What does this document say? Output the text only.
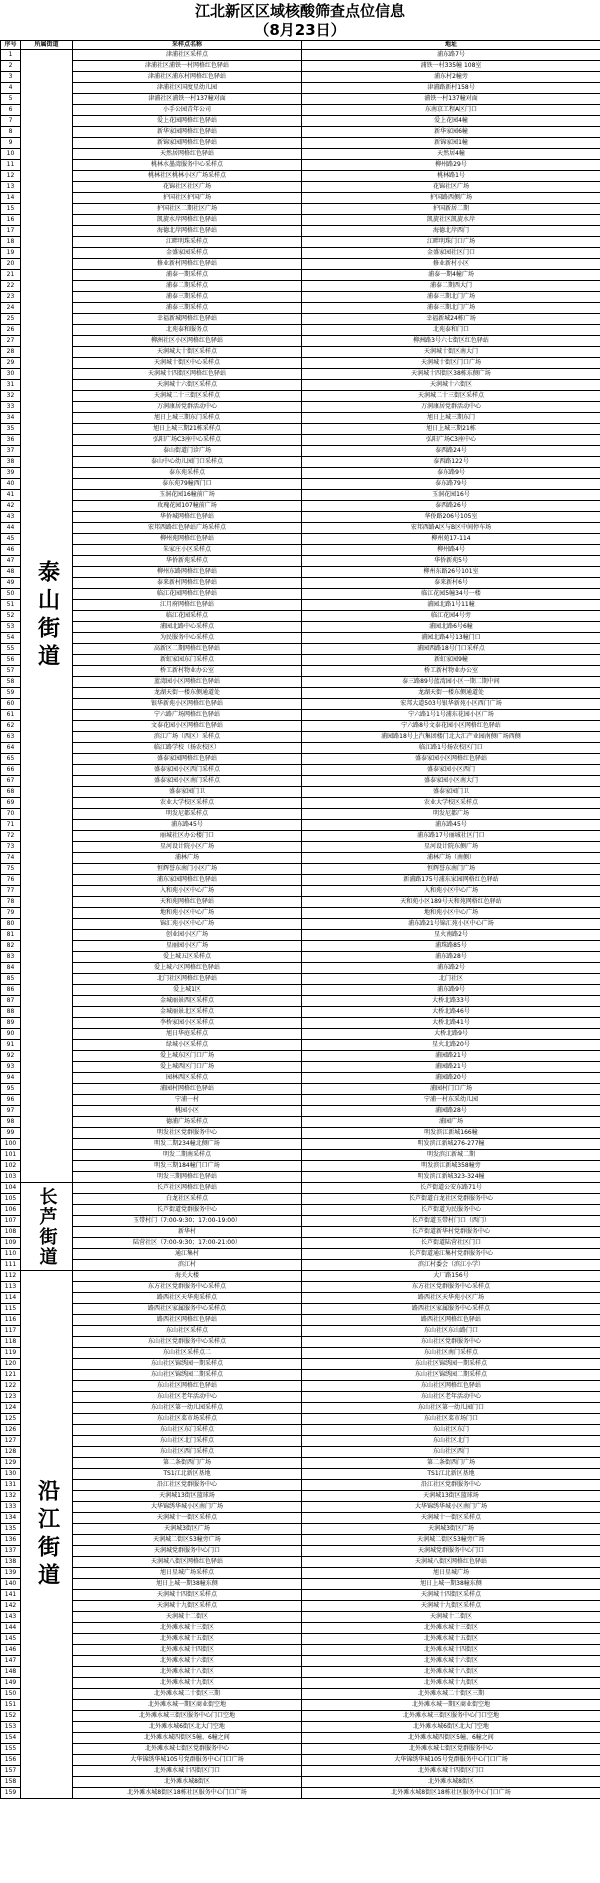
江北新区区域核酸筛查点位信息
（8月23日）
序号	所属街道	采样点名称	地址
1	泰山街道	津浦社区采样点	浦东路7号
2		津浦社区浦铁一村网格红色驿站	浦铁一村335幢 108室
3		津浦社区浦东村网格红色驿站	浦东村2幢旁
4		津浦社区国度星幼儿园	津浦路新村158号
5		津浦社区浦铁一村137幢对面	浦铁一村137幢对面
6		小手公园青年公司	东南京工程A区门口
7		爱上花园网格红色驿站	爱上花园4幢
8		新华家园网格红色驿站	新华家园6幢
9		新锦家园网格红色驿站	新锦家园1幢
10		天然居网格红色驿站	天然居4幢
11		桃林水墨湾服务中心采样点	柳州路29号
12		桃林社区桃林小区广场采样点	桃林路1号
13		花锦社区社区广场	花锦社区广场
14		护国社区护国广场	护国路西侧广场
15		护国社区二期社区广场	护国新居二期
16		凯旋水岸网格红色驿站	凯旋社区凯旋水岸
17		海德北岸网格红色驿站	海德北岸西门
18		江畔明珠采样点	江畔明珠门口广场
19		金盛家园采样点	金盛家园社区门口
20		修业新村网格红色驿站	修业新村小区
21		浦泰一期采样点	浦泰一期4幢广场
22		浦泰二期采样点	浦泰二期西大门
23		浦泰三期采样点	浦泰三期北门广场
24		浦泰三期采样点	浦泰三期北门广场
25		幸福新城网格红色驿站	幸福新城24栋广场
26		北苑泰和服务点	北苑泰和门口
27		柳洲社区小区网格红色驿站	柳洲路3号六七街区红色驿站
28		天润城大十街区采样点	天润城十街区南大门
29		天润城十街区中心采样点	天润城十街区门口广场
30		天润城十四街区网格红色驿站	天润城十四街区38栋东侧广场
31		天润城十六街区采样点	天润城十六街区
32		天润城二十三街区采样点	天润城二十三街区采样点
33		万润康居党群活动中心	万润康居党群活动中心
34		旭日上城三期东门采样点	旭日上城三期东门
35		旭日上城三期21栋采样点	旭日上城三期21栋
36		弘阳广场C3座中心采样点	弘阳广场C3座中心
37		泰山街道门诊广场	泰西路24号
38		泰山中心幼儿园门口采样点	泰西路122号
39		泰东苑采样点	泰东路9号
40		泰东苑79幢西门口	泰东路79号
41		玉洞花园16幢前广场	玉洞花园16号
42		玫瑰花园107幢前广场	泰西路26号
43		华侨城网格红色驿站	华侨路206号105室
44		宏邦西路红色驿站广场采样点	宏邦西路A区与B区中间停车场
45		柳州苑网格红色驿站	柳州苑17-114
46		朱家庄小区采样点	柳州路4号
47		华侨新苑采样点	华侨新苑5号
48		柳州东路网格红色驿站	柳州东路26号101室
49		泰来新村网格红色驿站	泰来新村6号
50		临江花园网格红色驿站	临江花园5幢34号一楼
51		江月府网格红色驿站	浦园北路1号11幢
52		临江花园采样点	临江花园4号旁
53		浦园北路中心采样点	浦园北路6号6幢
54		为民服务中心采样点	浦园北路4号13幢门口
55		高新区二期网格红色驿站	浦园西路18号门口采样点
56		新虹家园东门采样点	新虹家园9幢
57		桥工新村物业办公室	桥工新村物业办公室
58		蓝湾园小区网格红色驿站	泰三路89号蓝湾园小区一期二期中间
59		龙湖天街一楼东侧通道处	龙湖天街一楼东侧通道处
60		银华新苑小区网格红色驿站	宏邦大道503号银华新苑小区西门广场
61		宁六路广场网格红色驿站	宁六路1号1号浦东花园小区广场
62		文泰花园小区网格红色驿站	宁六路8号文泰花园小区网格红色驿站
63		滨江广场（西区）采样点	浦园路18号上汽集团楼门北大汇产业园南侧广场西侧
64		临江路学校（扬农校区）	临江路1号扬农校区门口
65		盛泰家园网格红色驿站	盛泰家园小区网格红色驿站
66		盛泰家园小区西门采样点	盛泰家园小区西门
67		盛泰家园小区南门采样点	盛泰家园小区南大门
68		盛泰家园门卫	盛泰家园门卫
69		农业大学校区采样点	农业大学校区采样点
70		明发尼都采样点	明发尼都广场
71		浦东路45号	浦东路45号
72		丽城社区办公楼门口	浦东路17号丽城社区门口
73		星河设计院小区广场	星河设计院东侧广场
74		浦林广场	浦林广场（南侧）
75		恒辉誉东南门小区广场	恒辉誉东南门广场
76		浦东家园网格红色驿站	新浦路175号浦东家园网格红色驿站
77		入和苑小区中心广场	入和苑小区中心广场
78		天和苑网格红色驿站	天和苑小区189号天和苑网格红色驿站
79		地和苑小区中心广场	地和苑小区中心广场
80		锦汇苑小区中心广场	浦东路21号锦汇苑小区中心广场
81		创业园小区广场	星火南路2号
82		星丽园小区广场	浦珠路85号
83		爱上城五区采样点	浦东路28号
84		爱上城六区网格红色驿站	浦东路2号
85		北门社区网格红色驿站	北门社区
86		爱上城1区	浦东路9号
87		金城丽景西区采样点	大桥北路33号
88		金城丽景北区采样点	大桥北路46号
89		李桥家园小区采样点	大桥北路41号
90		旭日华庭采样点	大桥北路9号
91		绿城小区采样点	星火北路20号
92		爱上城东区门口广场	浦园路21号
93		爱上城西区门口广场	浦园路21号
94		园林西区采样点	浦园路20号
95		浦园村网格红色驿站	浦园村门口广场
96		宁浦一村	宁浦一村东采幼儿园
97		桃园小区	浦园路28号
98		德浦广场采样点	浦园广场
99		明发社区党群服务中心	明发滨江新城166幢
100		明发二期234幢北侧广场	明发滨江新城276-277幢
101		明发二期南采样点	明发滨江新城二期
102		明发三期184幢门口广场	明发滨江新城358幢旁
103		明发三期网格红色驿站	明发滨江新城323-324幢
104	长芦街道	长芦社区网格红色驿站	长芦街道公安东路71号
105		白龙社区采样点	长芦街道白龙社区党群服务中心
106		长芦街道党群服务中心	长芦街道为民服务中心
107		玉带村门（7:00-9:30；17:00-19:00）	长芦街道玉带村门口（西门）
108		新华村	长芦街道新华村党群服务中心
109		陆营社区（7:00-9:30；17:00-21:00）	长芦街道陆营社区门口
110		通江集村	长芦街道通江集村党群服务中心
111		滨江村	滨江村委会（滨江小学）
112	沿江街道	海关大楼	大厂路156号
113		东方社区党群服务中心采样点	东方社区党群服务中心采样点
114		路西社区天华苑采样点	路西社区天华苑小区广场
115		路西社区家属服务中心采样点	路西社区家属服务中心采样点
116		路西社区网格红色驿站	路西社区网格红色驿站
117		东山社区采样点	东山社区东山路门口
118		东山社区党群服务中心采样点	东山社区党群服务中心
119		东山社区采样点二	东山社区南门采样点
120		东山社区锦绣园一期采样点	东山社区锦绣园一期采样点
121		东山社区锦绣园二期采样点	东山社区锦绣园二期采样点
122		东山社区网格红色驿站	东山社区网格红色驿站
123		东山社区老年活动中心	东山社区老年活动中心
124		东山社区第一幼儿园采样点	东山社区第一幼儿园门口
125		东山社区菜市场采样点	东山社区菜市场门口
126		东山社区东门采样点	东山社区东门
127		东山社区北门采样点	东山社区北门
128		东山社区西门采样点	东山社区西门
129		第二条街西门广场	第二条街西门广场
130		TS1江北新区基地	TS1江北新区基地
131		沿江社区党群服务中心	沿江社区党群服务中心
132		天润城13街区篮球场	天润城13街区篮球场
133		大华锦绣华城小区南门广场	大华锦绣华城小区南门广场
134		天润城十一街区采样点	天润城十一街区采样点
135		天润城3街区广场	天润城3街区广场
136		天润城二街区53幢旁广场	天润城二街区53幢旁广场
137		天润城党群服务中心门口	天润城党群服务中心门口
138		天润城八街区网格红色驿站	天润城八街区网格红色驿站
139		旭日星城广场采样点	旭日星城广场
140		旭日上城一期38幢东侧	旭日上城一期38幢东侧
141		天润城十四街区采样点	天润城十四街区采样点
142		天润城十九街区采样点	天润城十九街区采样点
143		天润城十二街区	天润城十二街区
144		北外滩水城十三街区	北外滩水城十三街区
145		北外滩水城十五街区	北外滩水城十五街区
146		北外滩水城十四街区	北外滩水城十四街区
147		北外滩水城十六街区	北外滩水城十六街区
148		北外滩水城十八街区	北外滩水城十八街区
149		北外滩水城十九街区	北外滩水城十九街区
150		北外滩水城二十街区三期	北外滩水城二十街区三期
151		北外滩水城一期区商业街空地	北外滩水城一期区商业街空地
152		北外滩水城三街区服务中心门口空地	北外滩水城三街区服务中心门口空地
153		北外滩水城6街区北大门空地	北外滩水城6街区北大门空地
154		北外滩水城四街区5幢、6幢之间	北外滩水城四街区5幢、6幢之间
155		北外滩水城七街区党群服务中心	北外滩水城七街区党群服务中心
156		大华锦绣华城105号党群服务中心门口广场	大华锦绣华城105号党群服务中心门口广场
157		北外滩水城十四街区门口	北外滩水城十四街区门口
158		北外滩水城8街区	北外滩水城8街区
159		北外滩水城8街区18栋社区服务中心门口广场	北外滩水城8街区18栋社区服务中心门口广场
